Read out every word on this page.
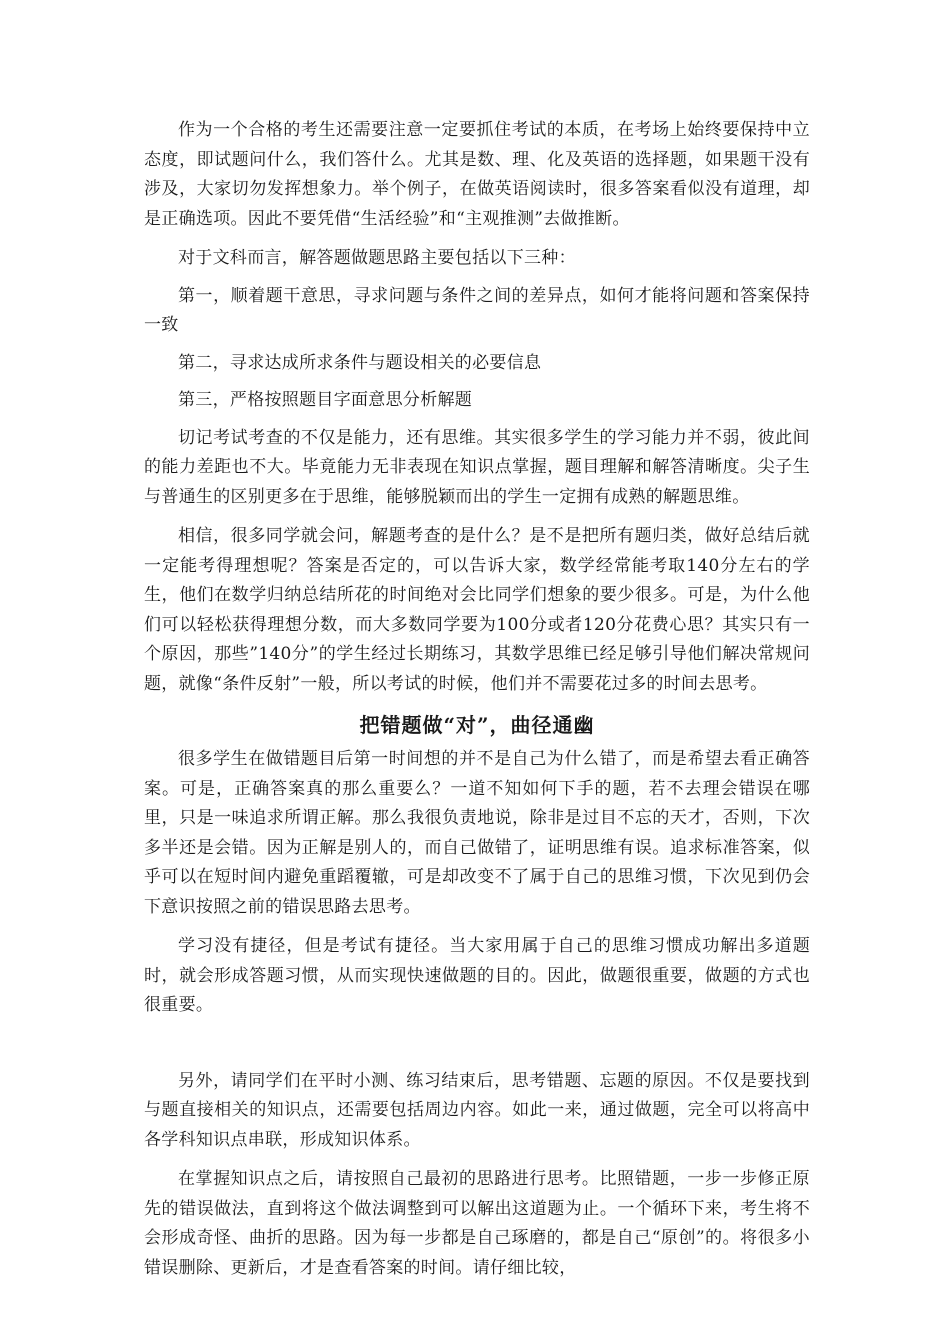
作为一个合格的考生还需要注意一定要抓住考试的本质，在考场上始终要保持中立态度，即试题问什么，我们答什么。尤其是数、理、化及英语的选择题，如果题干没有涉及，大家切勿发挥想象力。举个例子，在做英语阅读时，很多答案看似没有道理，却是正确选项。因此不要凭借“生活经验”和“主观推测”去做推断。

对于文科而言，解答题做题思路主要包括以下三种：

第一，顺着题干意思，寻求问题与条件之间的差异点，如何才能将问题和答案保持一致

第二，寻求达成所求条件与题设相关的必要信息

第三，严格按照题目字面意思分析解题

切记考试考查的不仅是能力，还有思维。其实很多学生的学习能力并不弱，彼此间的能力差距也不大。毕竟能力无非表现在知识点掌握，题目理解和解答清晰度。尖子生与普通生的区别更多在于思维，能够脱颖而出的学生一定拥有成熟的解题思维。

相信，很多同学就会问，解题考查的是什么？是不是把所有题归类，做好总结后就一定能考得理想呢？答案是否定的，可以告诉大家，数学经常能考取140分左右的学生，他们在数学归纳总结所花的时间绝对会比同学们想象的要少很多。可是，为什么他们可以轻松获得理想分数，而大多数同学要为100分或者120分花费心思？其实只有一个原因，那些”140分”的学生经过长期练习，其数学思维已经足够引导他们解决常规问题，就像“条件反射”一般，所以考试的时候，他们并不需要花过多的时间去思考。

把错题做“对”，曲径通幽

很多学生在做错题目后第一时间想的并不是自己为什么错了，而是希望去看正确答案。可是，正确答案真的那么重要么？一道不知如何下手的题，若不去理会错误在哪里，只是一味追求所谓正解。那么我很负责地说，除非是过目不忘的天才，否则，下次多半还是会错。因为正解是别人的，而自己做错了，证明思维有误。追求标准答案，似乎可以在短时间内避免重蹈覆辙，可是却改变不了属于自己的思维习惯，下次见到仍会下意识按照之前的错误思路去思考。

学习没有捷径，但是考试有捷径。当大家用属于自己的思维习惯成功解出多道题时，就会形成答题习惯，从而实现快速做题的目的。因此，做题很重要，做题的方式也很重要。

另外，请同学们在平时小测、练习结束后，思考错题、忘题的原因。不仅是要找到与题直接相关的知识点，还需要包括周边内容。如此一来，通过做题，完全可以将高中各学科知识点串联，形成知识体系。

在掌握知识点之后，请按照自己最初的思路进行思考。比照错题，一步一步修正原先的错误做法，直到将这个做法调整到可以解出这道题为止。一个循环下来，考生将不会形成奇怪、曲折的思路。因为每一步都是自己琢磨的，都是自己“原创”的。将很多小错误删除、更新后，才是查看答案的时间。请仔细比较，
